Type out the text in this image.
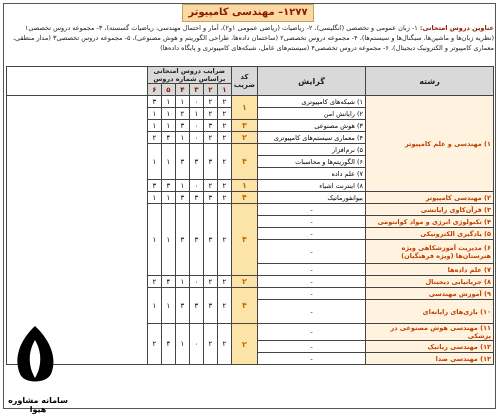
۱۲۷۷– مهندسی کامپیوتر
عناوین دروس امتحانی: ۱- زبان عمومی و تخصصی (انگلیسی)، ۲- ریاضیات (ریاضی عمومی ۱و۲)، آمار و احتمال مهندسی، ریاضیات گسسته)، ۳- مجموعه دروس تخصصی۱ (نظریه زبان‌ها و ماشین‌ها، سیگنال‌ها و سیستم‌ها)، ۴- مجموعه دروس تخصصی۲ (ساختمان داده‌ها، طراحی الگوریتم و هوش مصنوعی)، ۵- مجموعه دروس تخصصی۳ (مدار منطقی، معماری کامپیوتر و الکترونیک دیجیتال)، ۶- مجموعه دروس تخصصی۴ (سیستم‌های عامل، شبکه‌های کامپیوتری و پایگاه داده‌ها)
رشته	گرایش	کد ضریب	ضرایب دروس امتحانی براساس شماره دروس						
			۱	۲	۳	۴	۵	۶	
۱) مهندسی و علم کامپیوتر	۱) شبکه‌های کامپیوتری	۱	۲	۲	۰	۱	۱	۳	
	۲) رایانش امن		۲	۲	۱	۲	۱	۱	
	۳) هوش مصنوعی	۳	۲	۳	۰	۳	۱	۱	
	۴) معماری سیستم‌های کامپیوتری	۲	۲	۲	۰	۱	۴	۲	
	۵) نرم‌افزار	۴	۲	۳	۳	۳	۱	۱	
	۶) الگوریتم‌ها و محاسبات								
	۷) علم داده								
	۸) اینترنت اشیاء	۱	۲	۲	۰	۱	۳	۳	
۲) مهندسی کامپیوتر	بیوانفورماتیک	۴	۲	۳	۳	۳	۱	۱	
۳) قرآن‌کاوی رایانشی	-	۴	۲	۳	۳	۳	۱	۱	
۴) تکنولوژی انرژی و مواد کوانتومی	-								
۵) یادگیری الکترونیکی	-								
۶) مدیریت آموزشکاهی ویژه هنرستان‌ها (ویژه فرهنگیان)	-								

۷) علم داده‌ها	-								
۸) جریانیابی دیجیتال	-	۲	۲	۲	۰	۱	۴	۲	
۹) آموزش مهندسی	-	۴	۲	۳	۳	۳	۱	۱	
۱۰) بازی‌های رایانه‌ای	-								

۱۱) مهندسی هوش مصنوعی در پزشکی	-	۲	۲	۲	۰	۱	۴	۲	
۱۲) مهندسی رباتیک	-								
۱۳) مهندسی صدا	-								
سامانه مشاوره هیوا
